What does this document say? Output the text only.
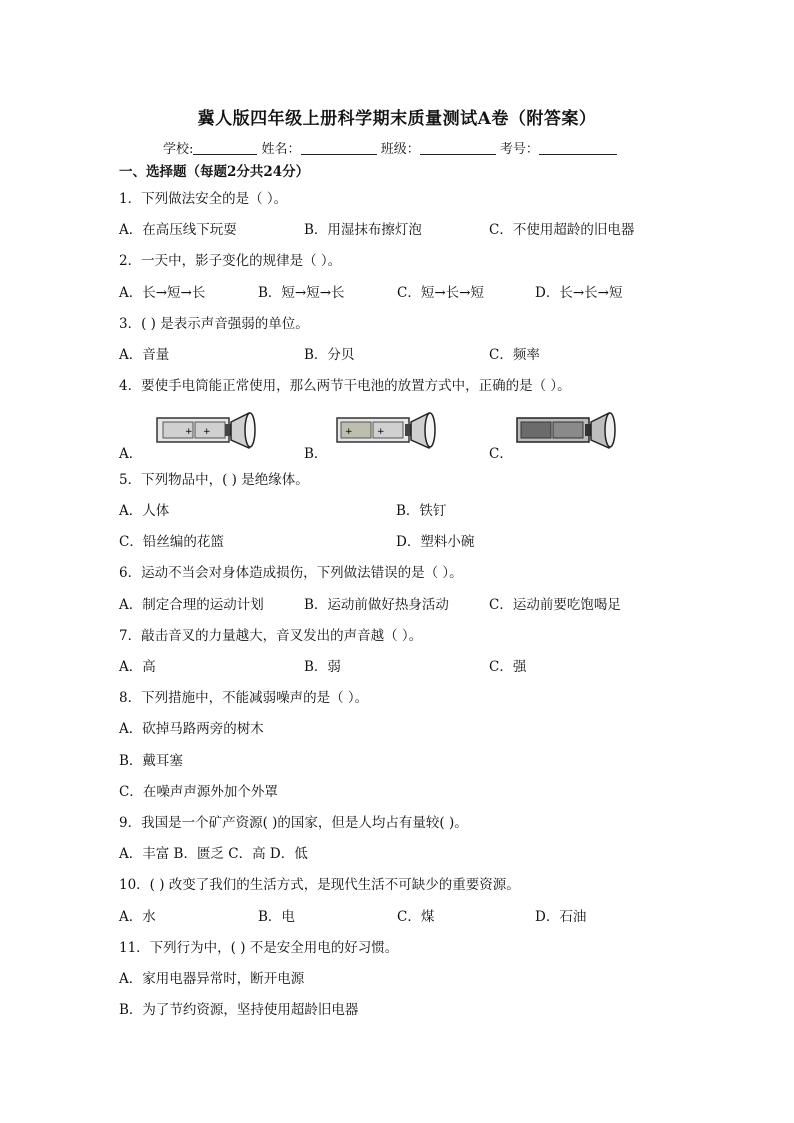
冀人版四年级上册科学期末质量测试A卷（附答案）
学校:	姓名：	班级：	考号：
一、选择题（每题2分共24分）
1．下列做法安全的是（ ）。
A．在高压线下玩耍	B．用湿抹布擦灯泡	C．不使用超龄的旧电器
2．一天中，影子变化的规律是（ ）。
A．长→短→长	B．短→短→长	C．短→长→短	D．长→长→短
3．( ) 是表示声音强弱的单位。
A．音量	B．分贝	C．频率
4．要使手电筒能正常使用，那么两节干电池的放置方式中，正确的是（ ）。
A．	B．	C．
+ +	+	+
5．下列物品中，( ) 是绝缘体。
A．人体	B．铁钉
C．铅丝编的花篮	D．塑料小碗
6．运动不当会对身体造成损伤，下列做法错误的是（ ）。
A．制定合理的运动计划	B．运动前做好热身活动	C．运动前要吃饱喝足
7．敲击音叉的力量越大，音叉发出的声音越（ ）。
A．高	B．弱	C．强
8．下列措施中，不能减弱噪声的是（ ）。
A．砍掉马路两旁的树木
B．戴耳塞
C．在噪声声源外加个外罩
9．我国是一个矿产资源( )的国家，但是人均占有量较( )。
A．丰富 B．匮乏 C．高 D．低
10．( ) 改变了我们的生活方式，是现代生活不可缺少的重要资源。
A．水	B．电	C．煤	D．石油
11．下列行为中，( ) 不是安全用电的好习惯。
A．家用电器异常时，断开电源
B．为了节约资源，坚持使用超龄旧电器
